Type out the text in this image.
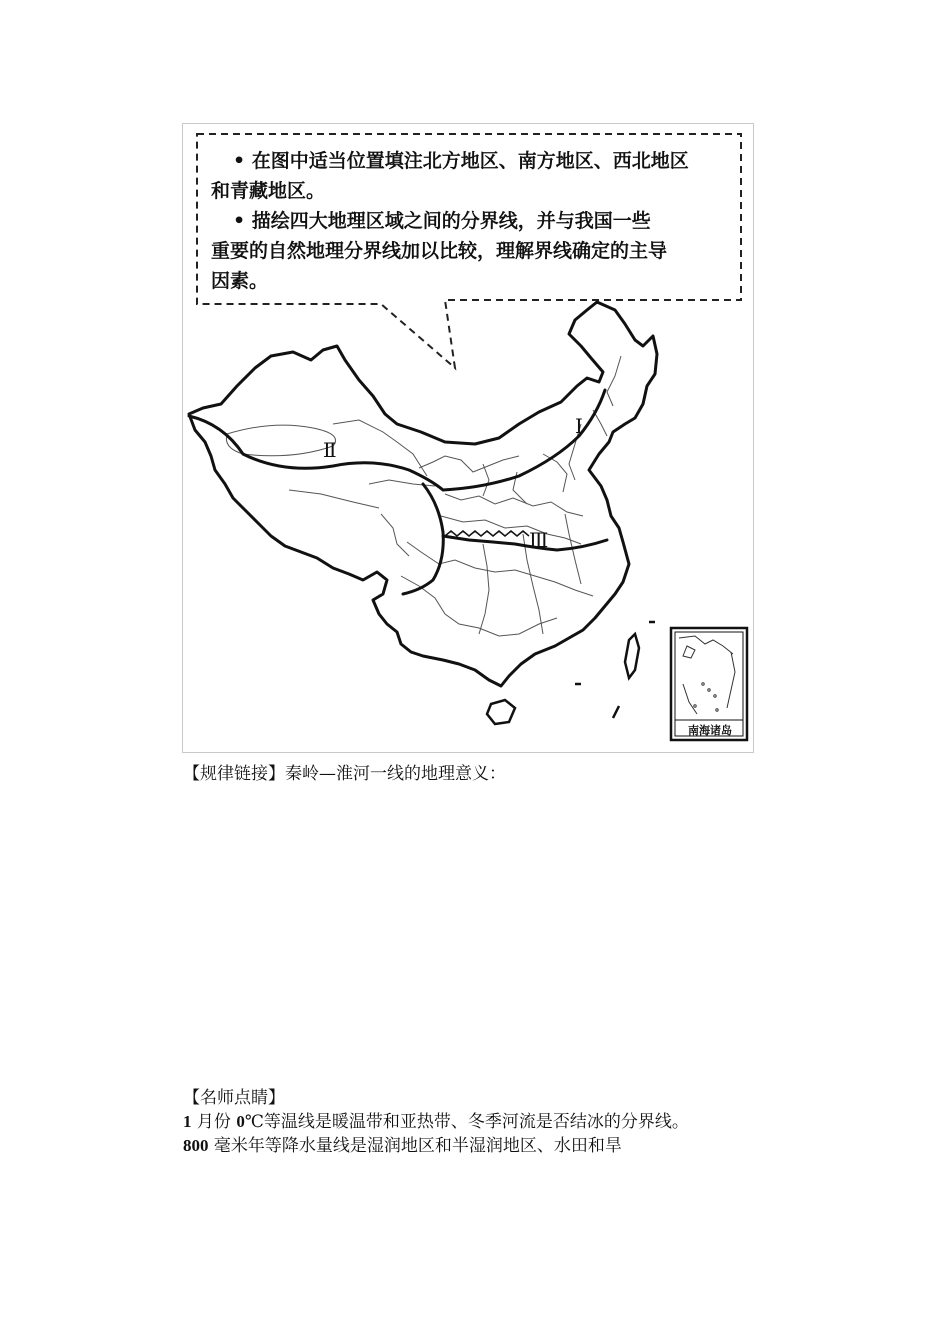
• 在图中适当位置填注北方地区、南方地区、西北地区

和青藏地区。

• 描绘四大地理区域之间的分界线，并与我国一些

重要的自然地理分界线加以比较，理解界线确定的主导

因素。

Ⅱ
Ⅰ
Ⅲ
南海诸岛
【规律链接】秦岭—淮河一线的地理意义：
【名师点睛】
1 月份 0℃等温线是暖温带和亚热带、冬季河流是否结冰的分界线。
800 毫米年等降水量线是湿润地区和半湿润地区、水田和旱
